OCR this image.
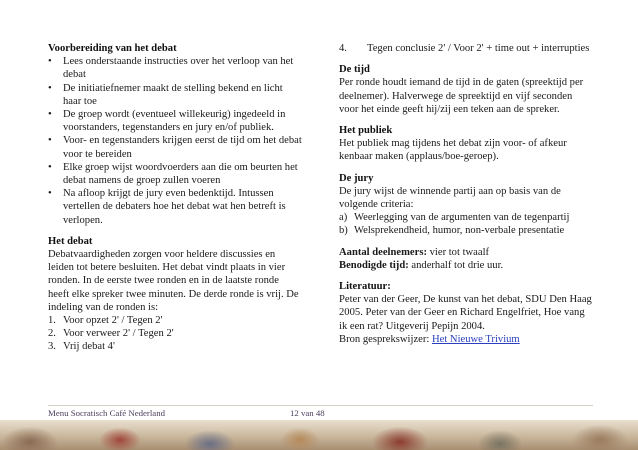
Voorbereiding van het debat
• Lees onderstaande instructies over het verloop van het debat
• De initiatiefnemer maakt de stelling bekend en licht haar toe
• De groep wordt (eventueel willekeurig) ingedeeld in voorstanders, tegenstanders en jury en/of publiek.
• Voor- en tegenstanders krijgen eerst de tijd om het debat voor te bereiden
• Elke groep wijst woordvoerders aan die om beurten het debat namens de groep zullen voeren
• Na afloop krijgt de jury even bedenktijd. Intussen vertellen de debaters hoe het debat wat hen betreft is verlopen.
Het debat

Debatvaardigheden zorgen voor heldere discussies en leiden tot betere besluiten. Het debat vindt plaats in vier ronden. In de eerste twee ronden en in de laatste ronde heeft elke spreker twee minuten. De derde ronde is vrij. De indeling van de ronden is:

1. Voor opzet 2' / Tegen 2'
2. Voor verweer 2' / Tegen 2'
3. Vrij debat 4'
4. Tegen conclusie 2' / Voor 2' + time out + interrupties
De tijd

Per ronde houdt iemand de tijd in de gaten (spreektijd per deelnemer). Halverwege de spreektijd en vijf seconden voor het einde geeft hij/zij een teken aan de spreker.

Het publiek

Het publiek mag tijdens het debat zijn voor- of afkeur kenbaar maken (applaus/boe-geroep).

De jury

De jury wijst de winnende partij aan op basis van de volgende criteria:

a) Weerlegging van de argumenten van de tegenpartij
b) Welsprekendheid, humor, non-verbale presentatie
Aantal deelnemers: vier tot twaalf
Benodigde tijd: anderhalf tot drie uur.
Literatuur:

Peter van der Geer, De kunst van het debat, SDU Den Haag 2005. Peter van der Geer en Richard Engelfriet, Hoe vang ik een rat? Uitgeverij Pepijn 2004.

Bron gesprekswijzer: Het Nieuwe Trivium
Menu Socratisch Café Nederland	12 van 48
